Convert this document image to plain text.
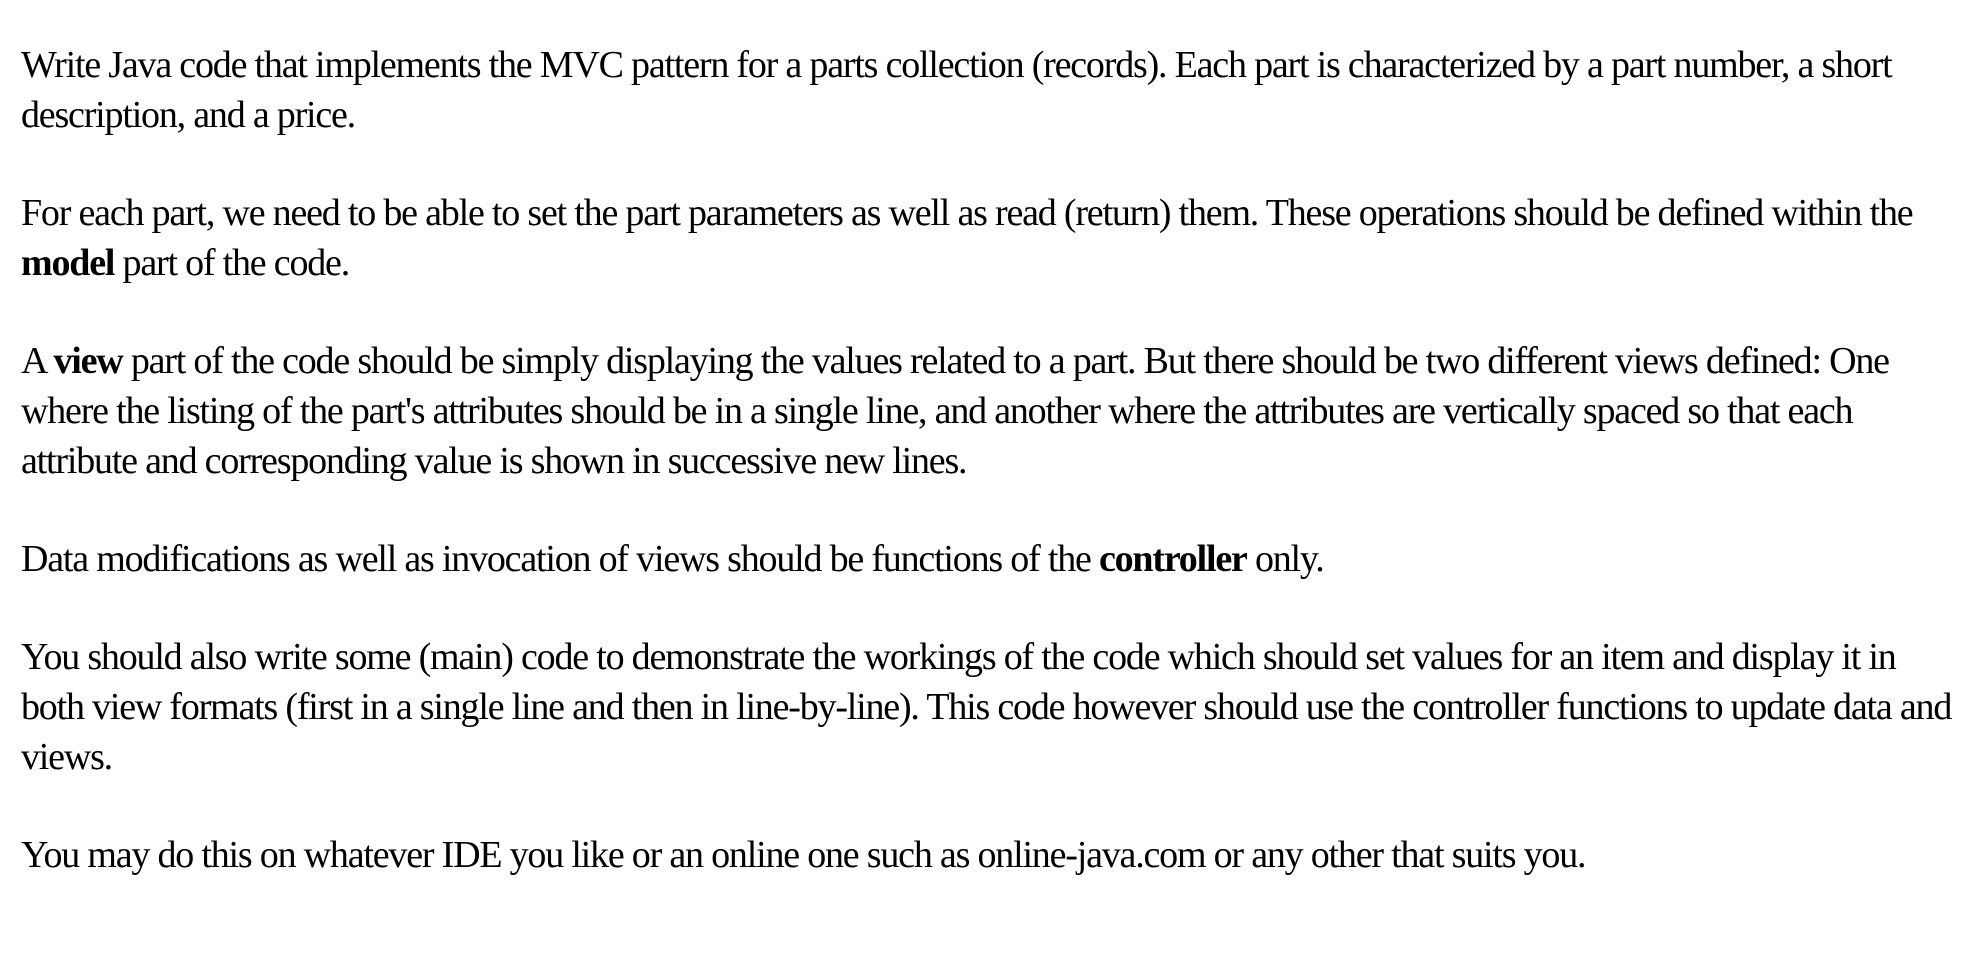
Write Java code that implements the MVC pattern for a parts collection (records). Each part is characterized by a part number, a short description, and a price.

For each part, we need to be able to set the part parameters as well as read (return) them. These operations should be defined within the model part of the code.

A view part of the code should be simply displaying the values related to a part. But there should be two different views defined: One where the listing of the part's attributes should be in a single line, and another where the attributes are vertically spaced so that each attribute and corresponding value is shown in successive new lines.

Data modifications as well as invocation of views should be functions of the controller only.

You should also write some (main) code to demonstrate the workings of the code which should set values for an item and display it in both view formats (first in a single line and then in line-by-line). This code however should use the controller functions to update data and views.

You may do this on whatever IDE you like or an online one such as online-java.com or any other that suits you.
